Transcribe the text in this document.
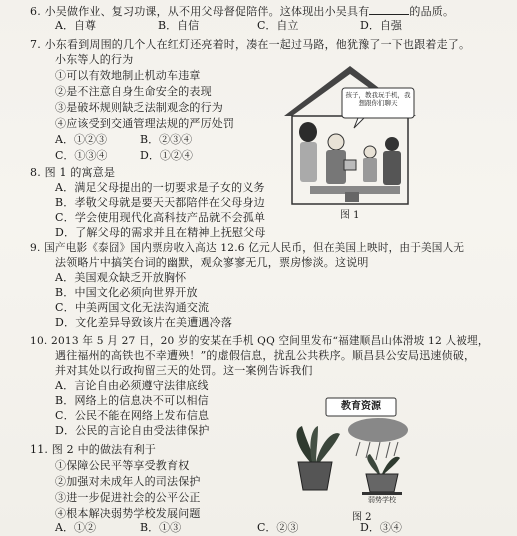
6. 小吴做作业、复习功课，从不用父母督促陪伴。这体现出小吴具有	的品质。
A．自尊	B．自信	C．自立	D．自强
7. 小东看到周围的几个人在红灯还亮着时，凑在一起过马路，他犹豫了一下也跟着走了。
小东等人的行为
①可以有效地制止机动车违章
②是不注意自身生命安全的表现
③是破坏规则缺乏法制观念的行为
④应该受到交通管理法规的严厉处罚
A．①②③	B．②③④
C．①③④	D．①②④
孩子，教我玩手机，我想跟你们聊天
图 1
8. 图 1 的寓意是
A．满足父母提出的一切要求是子女的义务
B．孝敬父母就是要天天都陪伴在父母身边
C．学会使用现代化高科技产品就不会孤单
D．了解父母的需求并且在精神上抚慰父母
9. 国产电影《泰囧》国内票房收入高达 12.6 亿元人民币，但在美国上映时，由于美国人无
法领略片中搞笑台词的幽默，观众寥寥无几，票房惨淡。这说明
A．美国观众缺乏开放胸怀
B．中国文化必须向世界开放
C．中美两国文化无法沟通交流
D．文化差异导致该片在美遭遇冷落
10. 2013 年 5 月 27 日，20 岁的安某在手机 QQ 空间里发布“福建顺昌山体滑坡 12 人被埋，
遇往福州的高铁也不幸遭殃！”的虚假信息，扰乱公共秩序。顺昌县公安局迅速侦破，
并对其处以行政拘留三天的处罚。这一案例告诉我们
A．言论自由必须遵守法律底线
B．网络上的信息决不可以相信
C．公民不能在网络上发布信息
D．公民的言论自由受法律保护
教育资源
弱势学校
图 2
11. 图 2 中的做法有利于
①保障公民平等享受教育权
②加强对未成年人的司法保护
③进一步促进社会的公平公正
④根本解决弱势学校发展问题
A．①②	B．①③	C．②③	D．③④
